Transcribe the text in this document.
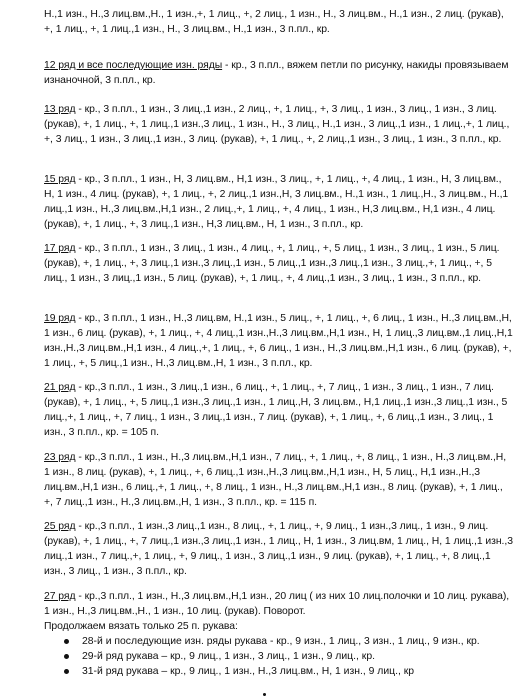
Н.,1 изн., Н.,3 лиц.вм.,Н., 1 изн.,+, 1 лиц., +, 2 лиц., 1 изн., Н., 3 лиц.вм., Н.,1 изн., 2 лиц. (рукав), +, 1 лиц., +, 1 лиц.,1 изн., Н., 3 лиц.вм., Н.,1 изн., 3 п.пл., кр.

12 ряд и все последующие изн. ряды - кр., 3 п.пл., вяжем петли по рисунку, накиды провязываем изнаночной, 3 п.пл., кр.

13 ряд - кр., 3 п.пл., 1 изн., 3 лиц.,1 изн., 2 лиц., +, 1 лиц., +, 3 лиц., 1 изн., 3 лиц., 1 изн., 3 лиц. (рукав), +, 1 лиц., +, 1 лиц.,1 изн.,3 лиц., 1 изн., Н., 3 лиц., Н.,1 изн., 3 лиц.,1 изн., 1 лиц.,+, 1 лиц., +, 3 лиц., 1 изн., 3 лиц.,1 изн., 3 лиц. (рукав), +, 1 лиц., +, 2 лиц.,1 изн., 3 лиц., 1 изн., 3 п.пл., кр.

15 ряд - кр., 3 п.пл., 1 изн., Н, 3 лиц.вм., Н,1 изн., 3 лиц., +, 1 лиц., +, 4 лиц., 1 изн., Н, 3 лиц.вм., Н, 1 изн., 4 лиц. (рукав), +, 1 лиц., +, 2 лиц.,1 изн.,Н, 3 лиц.вм., Н.,1 изн., 1 лиц.,Н., 3 лиц.вм., Н.,1 лиц.,1 изн., Н.,3 лиц.вм.,Н,1 изн., 2 лиц.,+, 1 лиц., +, 4 лиц., 1 изн., Н,3 лиц.вм., Н,1 изн., 4 лиц. (рукав), +, 1 лиц., +, 3 лиц.,1 изн., Н,3 лиц.вм., Н, 1 изн., 3 п.пл., кр.

17 ряд - кр., 3 п.пл., 1 изн., 3 лиц., 1 изн., 4 лиц., +, 1 лиц., +, 5 лиц., 1 изн., 3 лиц., 1 изн., 5 лиц. (рукав), +, 1 лиц., +, 3 лиц.,1 изн.,3 лиц.,1 изн., 5 лиц.,1 изн.,3 лиц.,1 изн., 3 лиц.,+, 1 лиц., +, 5 лиц., 1 изн., 3 лиц.,1 изн., 5 лиц. (рукав), +, 1 лиц., +, 4 лиц.,1 изн., 3 лиц., 1 изн., 3 п.пл., кр.

19 ряд - кр., 3 п.пл., 1 изн., Н.,3 лиц.вм, Н.,1 изн., 5 лиц., +, 1 лиц., +, 6 лиц., 1 изн., Н.,3 лиц.вм.,Н, 1 изн., 6 лиц. (рукав), +, 1 лиц., +, 4 лиц.,1 изн.,Н.,3 лиц.вм.,Н,1 изн., Н, 1 лиц.,3 лиц.вм.,1 лиц.,Н,1 изн.,Н.,3 лиц.вм.,Н,1 изн., 4 лиц.,+, 1 лиц., +, 6 лиц., 1 изн., Н.,3 лиц.вм.,Н,1 изн., 6 лиц. (рукав), +, 1 лиц., +, 5 лиц.,1 изн., Н.,3 лиц.вм.,Н, 1 изн., 3 п.пл., кр.

21 ряд - кр.,3 п.пл., 1 изн., 3 лиц.,1 изн., 6 лиц., +, 1 лиц., +, 7 лиц., 1 изн., 3 лиц., 1 изн., 7 лиц. (рукав), +, 1 лиц., +, 5 лиц.,1 изн.,3 лиц.,1 изн., 1 лиц.,Н, 3 лиц.вм., Н,1 лиц.,1 изн.,3 лиц.,1 изн., 5 лиц.,+, 1 лиц., +, 7 лиц., 1 изн., 3 лиц.,1 изн., 7 лиц. (рукав), +, 1 лиц., +, 6 лиц.,1 изн., 3 лиц., 1 изн., 3 п.пл., кр. = 105 п.

23 ряд - кр.,3 п.пл., 1 изн., Н.,3 лиц.вм.,Н,1 изн., 7 лиц., +, 1 лиц., +, 8 лиц., 1 изн., Н.,3 лиц.вм.,Н, 1 изн., 8 лиц. (рукав), +, 1 лиц., +, 6 лиц.,1 изн.,Н.,3 лиц.вм.,Н,1 изн., Н, 5 лиц., Н,1 изн.,Н.,3 лиц.вм.,Н,1 изн., 6 лиц.,+, 1 лиц., +, 8 лиц., 1 изн., Н.,3 лиц.вм.,Н,1 изн., 8 лиц. (рукав), +, 1 лиц., +, 7 лиц.,1 изн., Н.,3 лиц.вм.,Н, 1 изн., 3 п.пл., кр. = 115 п.

25 ряд - кр.,3 п.пл., 1 изн.,3 лиц.,1 изн., 8 лиц., +, 1 лиц., +, 9 лиц., 1 изн.,3 лиц., 1 изн., 9 лиц. (рукав), +, 1 лиц., +, 7 лиц.,1 изн.,3 лиц.,1 изн., 1 лиц., Н, 1 изн., 3 лиц.вм, 1 лиц., Н, 1 лиц.,1 изн.,3 лиц.,1 изн., 7 лиц.,+, 1 лиц., +, 9 лиц., 1 изн., 3 лиц.,1 изн., 9 лиц. (рукав), +, 1 лиц., +, 8 лиц.,1 изн., 3 лиц., 1 изн., 3 п.пл., кр.

27 ряд - кр.,3 п.пл., 1 изн., Н.,3 лиц.вм.,Н,1 изн., 20 лиц ( из них 10 лиц.полочки и 10 лиц. рукава), 1 изн., Н.,3 лиц.вм.,Н., 1 изн., 10 лиц. (рукав). Поворот.

Продолжаем вязать только 25 п. рукава:

28-й и последующие изн. ряды рукава - кр., 9 изн., 1 лиц., 3 изн., 1 лиц., 9 изн., кр.
29-й ряд рукава – кр., 9 лиц., 1 изн., 3 лиц., 1 изн., 9 лиц., кр.
31-й ряд рукава – кр., 9 лиц., 1 изн., Н.,3 лиц.вм., Н, 1 изн., 9 лиц., кр
